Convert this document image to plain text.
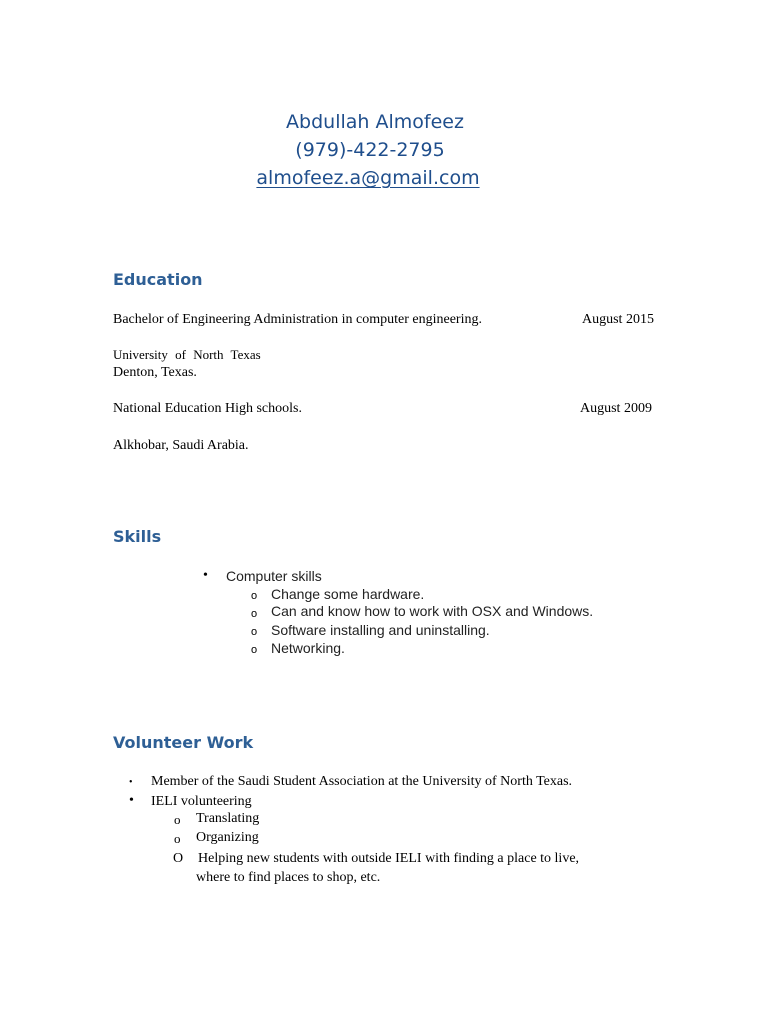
Abdullah Almofeez
(979)-422-2795
almofeez.a@gmail.com
Education
Bachelor of Engineering Administration in computer engineering.	August 2015
University of North Texas
Denton, Texas.
National Education High schools.	August 2009
Alkhobar, Saudi Arabia.
Skills
• Computer skills
o Change some hardware.
o Can and know how to work with OSX and Windows.
o Software installing and uninstalling.
o Networking.
Volunteer Work
• Member of the Saudi Student Association at the University of North Texas.
• IELI volunteering
o Translating
o Organizing
O Helping new students with outside IELI with finding a place to live,
where to find places to shop, etc.
